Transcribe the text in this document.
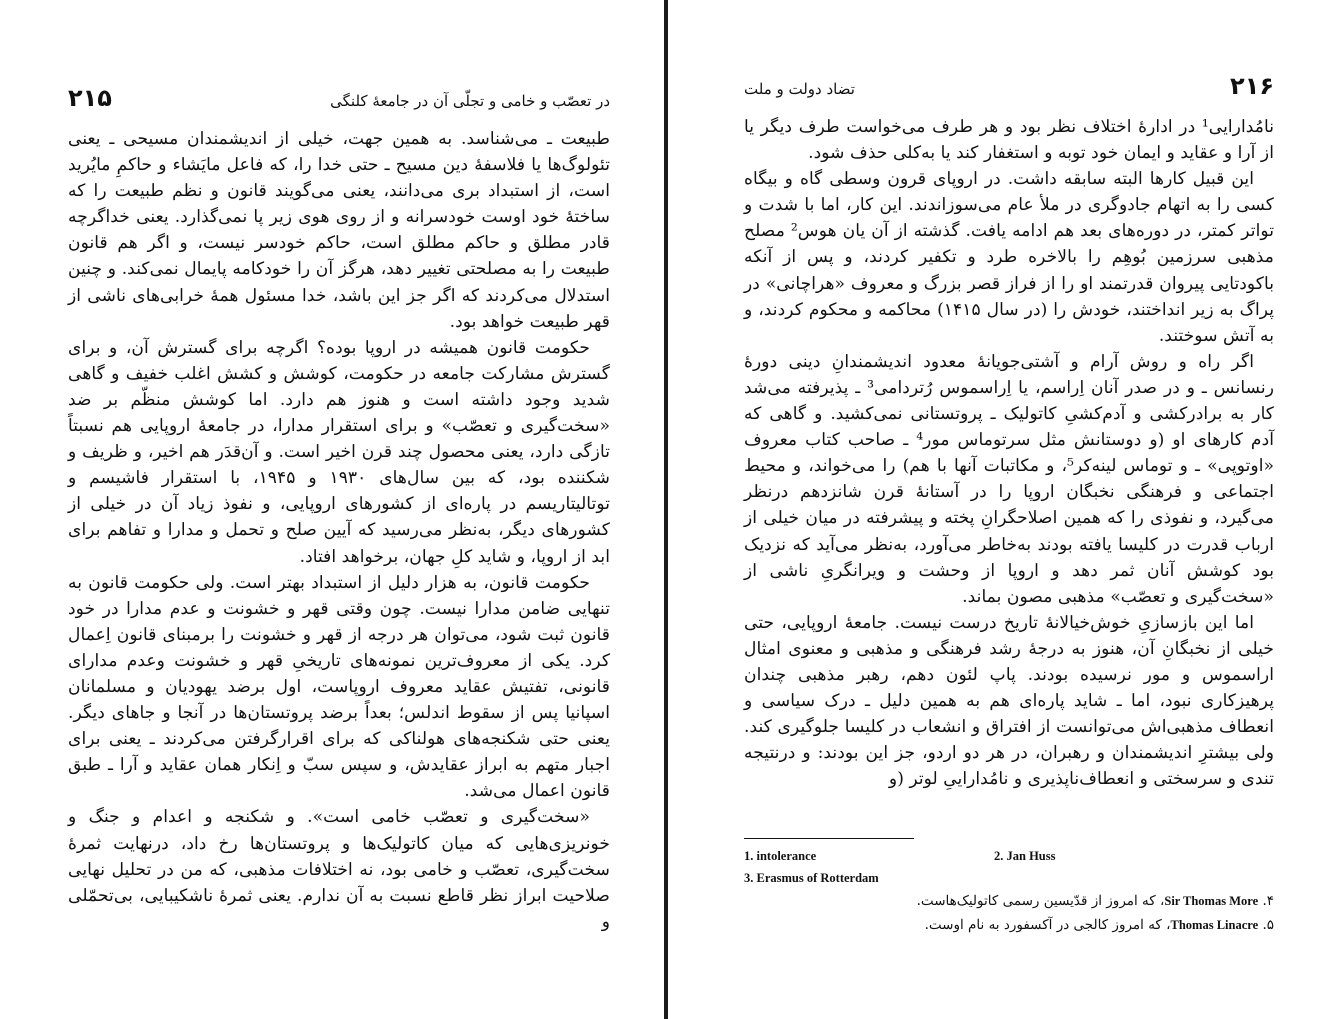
در تعصّب و خامی و تجلّی آن در جامعهٔ کلنگی
۲۱۵

طبیعت ـ می‌شناسد. به همین جهت، خیلی از اندیشمندان مسیحی ـ یعنی تئولوگ‌ها یا فلاسفهٔ دین مسیح ـ حتی خدا را، که فاعل مایَشاء و حاکمِ مایُرید است، از استبداد بری می‌دانند، یعنی می‌گویند قانون و نظم طبیعت را که ساختهٔ خود اوست خودسرانه و از روی هوی زیر پا نمی‌گذارد. یعنی خداگرچه قادر مطلق و حاکم مطلق است، حاکم خودسر نیست، و اگر هم قانون طبیعت را به مصلحتی تغییر دهد، هرگز آن را خودکامه پایمال نمی‌کند. و چنین استدلال می‌کردند که اگر جز این باشد، خدا مسئول همهٔ خرابی‌های ناشی از قهر طبیعت خواهد بود.

حکومت قانون همیشه در اروپا بوده؟ اگرچه برای گسترش آن، و برای گسترش مشارکت جامعه در حکومت، کوشش و کشش اغلب خفیف و گاهی شدید وجود داشته است و هنوز هم دارد. اما کوشش منظّم بر ضد «سخت‌گیری و تعصّب» و برای استقرار مدارا، در جامعهٔ اروپایی هم نسبتاً تازگی دارد، یعنی محصول چند قرن اخیر است. و آن‌قدَر هم اخیر، و ظریف و شکننده بود، که بین سال‌های ۱۹۳۰ و ۱۹۴۵، با استقرار فاشیسم و توتالیتاریسم در پاره‌ای از کشورهای اروپایی، و نفوذ زیاد آن در خیلی از کشورهای دیگر، به‌نظر می‌رسید که آیین صلح و تحمل و مدارا و تفاهم برای ابد از اروپا، و شاید کلِ جهان، برخواهد افتاد.

حکومت قانون، به هزار دلیل از استبداد بهتر است. ولی حکومت قانون به تنهایی ضامن مدارا نیست. چون وقتی قهر و خشونت و عدم مدارا در خود قانون ثبت شود، می‌توان هر درجه از قهر و خشونت را برمبنای قانون اِعمال کرد. یکی از معروف‌ترین نمونه‌های تاریخیِ قهر و خشونت وعدم مدارای قانونی، تفتیش عقاید معروف اروپاست، اول برضد یهودیان و مسلمانان اسپانیا پس از سقوط اندلس؛ بعداً برضد پروتستان‌ها در آنجا و جاهای دیگر. یعنی حتی شکنجه‌های هولناکی که برای اقرارگرفتن می‌کردند ـ یعنی برای اجبار متهم به ابراز عقایدش، و سپس سبّ و اِنکار همان عقاید و آرا ـ طبق قانون اعمال می‌شد.

«سخت‌گیری و تعصّب خامی است». و شکنجه و اعدام و جنگ و خونریزی‌هایی که میان کاتولیک‌ها و پروتستان‌ها رخ داد، درنهایت ثمرهٔ سخت‌گیری، تعصّب و خامی بود، نه اختلافات مذهبی، که من در تحلیل نهایی صلاحیت ابراز نظر قاطع نسبت به آن ندارم. یعنی ثمرهٔ ناشکیبایی، بی‌تحمّلی و

۲۱۶
تضاد دولت و ملت

نامُدارایی¹ در ادارهٔ اختلاف نظر بود و هر طرف می‌خواست طرف دیگر یا از آرا و عقاید و ایمان خود توبه و استغفار کند یا به‌کلی حذف شود.

این قبیل کارها البته سابقه داشت. در اروپای قرون وسطی گاه و بیگاه کسی را به اتهام جادوگری در ملأ عام می‌سوزاندند. این کار، اما با شدت و تواتر کمتر، در دوره‌های بعد هم ادامه یافت. گذشته از آن یان هوس² مصلح مذهبی سرزمین بُوهِم را بالاخره طرد و تکفیر کردند، و پس از آنکه باکودتایی پیروان قدرتمند او را از فراز قصر بزرگ و معروف «هراچانی» در پراگ به زیر انداختند، خودش را (در سال ۱۴۱۵) محاکمه و محکوم کردند، و به آتش سوختند.

اگر راه و روش آرام و آشتی‌جویانهٔ معدود اندیشمندانِ دینی دورهٔ رنسانس ـ و در صدر آنان اِراسم، یا اِراسموس رُتردامی³ ـ پذیرفته می‌شد کار به برادرکشی و آدم‌کشیِ کاتولیک ـ پروتستانی نمی‌کشید. و گاهی که آدم کارهای او (و دوستانش مثل سرتوماس مور⁴ ـ صاحب کتاب معروف «اوتوپی» ـ و توماس لینه‌کر⁵، و مکاتبات آنها با هم) را می‌خواند، و محیط اجتماعی و فرهنگی نخبگان اروپا را در آستانهٔ قرن شانزدهم درنظر می‌گیرد، و نفوذی را که همین اصلاحگرانِ پخته و پیشرفته در میان خیلی از ارباب قدرت در کلیسا یافته بودند به‌خاطر می‌آورد، به‌نظر می‌آید که نزدیک بود کوشش آنان ثمر دهد و اروپا از وحشت و ویرانگریِ ناشی از «سخت‌گیری و تعصّب» مذهبی مصون بماند.

اما این بازسازیِ خوش‌خیالانهٔ تاریخ درست نیست. جامعهٔ اروپایی، حتی خیلی از نخبگانِ آن، هنوز به درجهٔ رشد فرهنگی و مذهبی و معنوی امثال اراسموس و مور نرسیده بودند. پاپ لئون دهم، رهبر مذهبی چندان پرهیزکاری نبود، اما ـ شاید پاره‌ای هم به همین دلیل ـ درک سیاسی و انعطاف مذهبی‌اش می‌توانست از افتراق و انشعاب در کلیسا جلوگیری کند. ولی بیشترِ اندیشمندان و رهبران، در هر دو اردو، جز این بودند: و درنتیجه تندی و سرسختی و انعطاف‌ناپذیری و نامُداراییِ لوتر (و

1. intolerance	2. Jan Huss
3. Erasmus of Rotterdam

۴. Sir Thomas More، که امروز از قدّیسین رسمی کاتولیک‌هاست.

۵. Thomas Linacre، که امروز کالجی در آکسفورد به نام اوست.
